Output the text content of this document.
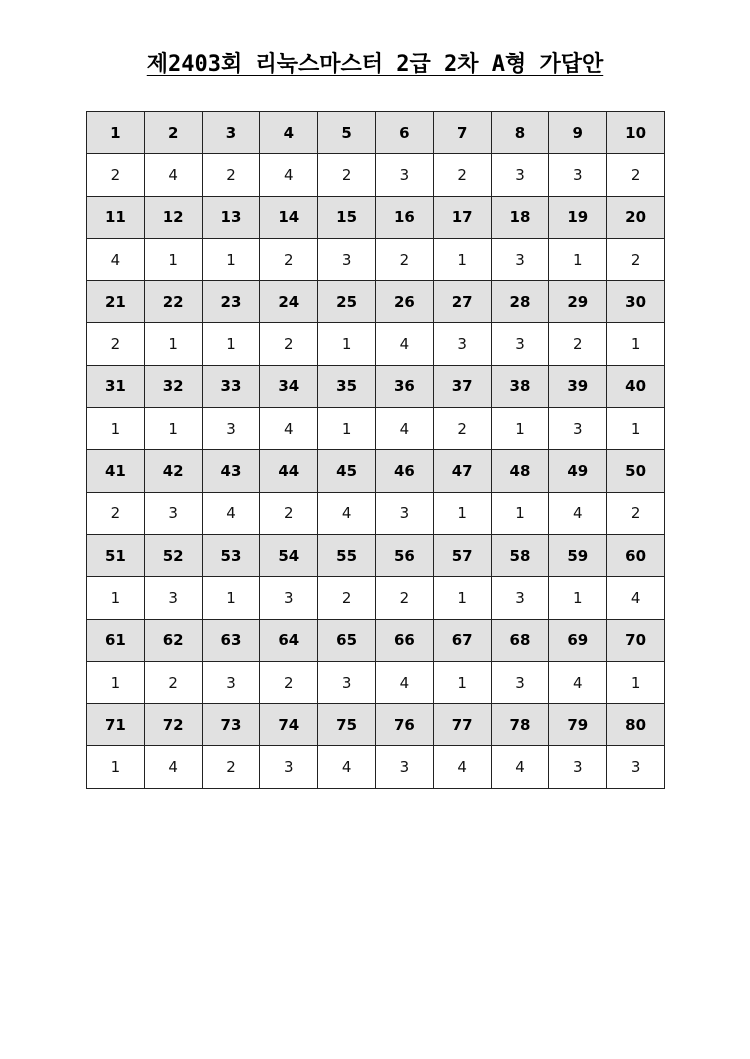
제2403회 리눅스마스터 2급 2차 A형 가답안
1	2	3	4	5	6	7	8	9	10
2	4	2	4	2	3	2	3	3	2
11	12	13	14	15	16	17	18	19	20
4	1	1	2	3	2	1	3	1	2
21	22	23	24	25	26	27	28	29	30
2	1	1	2	1	4	3	3	2	1
31	32	33	34	35	36	37	38	39	40
1	1	3	4	1	4	2	1	3	1
41	42	43	44	45	46	47	48	49	50
2	3	4	2	4	3	1	1	4	2
51	52	53	54	55	56	57	58	59	60
1	3	1	3	2	2	1	3	1	4
61	62	63	64	65	66	67	68	69	70
1	2	3	2	3	4	1	3	4	1
71	72	73	74	75	76	77	78	79	80
1	4	2	3	4	3	4	4	3	3
